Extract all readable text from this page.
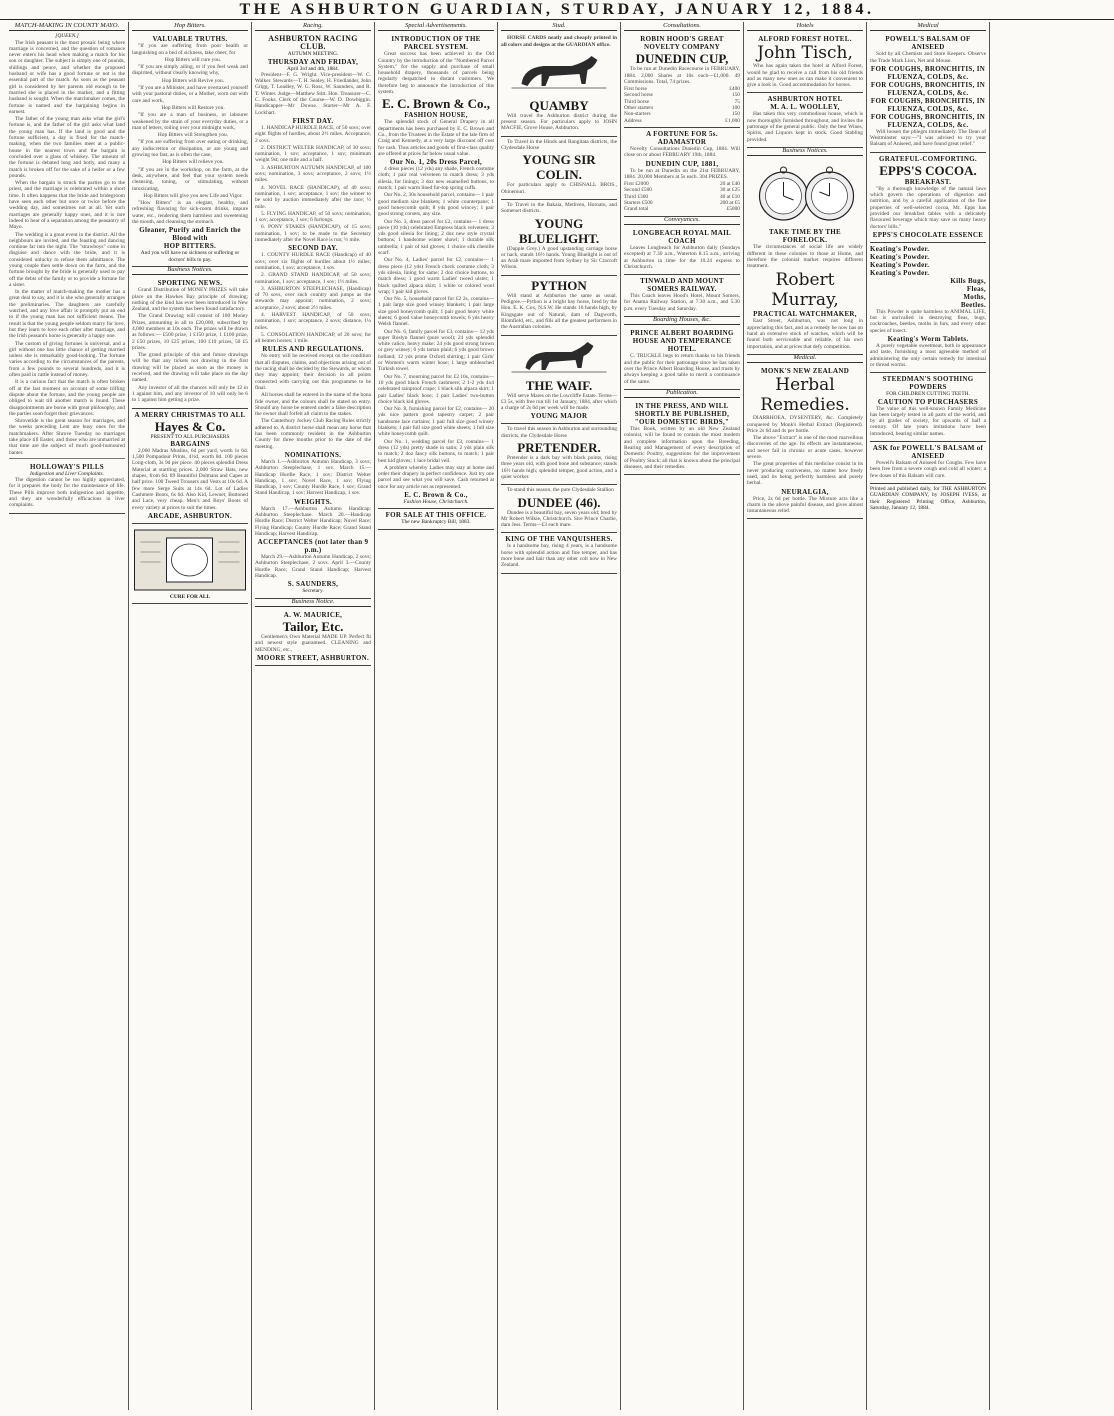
THE ASHBURTON GUARDIAN, STURDAY, JANUARY 12, 1884.
MATCH-MAKING IN COUNTY MAYO.
[QUEEN.]

The Irish peasant is the most prosaic being where marriage is concerned, and the question of romance never enters his head when making a match for his son or daughter. The subject is simply one of pounds, shillings and pence, and whether the proposed husband or wife has a good fortune or not is the essential part of the match. As soon as the peasant girl is considered by her parents old enough to be married she is placed in the market, and a fitting husband is sought. When the matchmaker comes, the fortune is named and the bargaining begins in earnest.

The father of the young man asks what the girl's fortune is, and the father of the girl asks what land the young man has. If the land is good and the fortune sufficient, a day is fixed for the match-making, when the two families meet at a public-house in the nearest town and the bargain is concluded over a glass of whiskey. The amount of the fortune is debated long and hotly, and many a match is broken off for the sake of a heifer or a few pounds.

When the bargain is struck the parties go to the priest, and the marriage is celebrated within a short time. It often happens that the bride and bridegroom have seen each other but once or twice before the wedding day, and sometimes not at all. Yet such marriages are generally happy ones, and it is rare indeed to hear of a separation among the peasantry of Mayo.

The wedding is a great event in the district. All the neighbours are invited, and the feasting and dancing continue far into the night. The "strawboys" come in disguise and dance with the bride, and it is considered unlucky to refuse them admittance. The young couple then settle down on the farm, and the fortune brought by the bride is generally used to pay off the debts of the family or to provide a fortune for a sister.

In the matter of match-making the mother has a great deal to say, and it is she who generally arranges the preliminaries. The daughters are carefully watched, and any love affair is promptly put an end to if the young man has not sufficient means. The result is that the young people seldom marry for love, but they learn to love each other after marriage, and the Irish peasant's home is generally a happy one.

The custom of giving fortunes is universal, and a girl without one has little chance of getting married unless she is remarkably good-looking. The fortune varies according to the circumstances of the parents, from a few pounds to several hundreds, and it is often paid in cattle instead of money.

It is a curious fact that the match is often broken off at the last moment on account of some trifling dispute about the fortune, and the young people are obliged to wait till another match is found. These disappointments are borne with great philosophy, and the parties soon forget their grievances.

Shrovetide is the great season for marriages, and the weeks preceding Lent are busy ones for the matchmakers. After Shrove Tuesday no marriages take place till Easter, and those who are unmarried at that time are the subject of much good-humoured banter.

HOLLOWAY'S PILLS
Indigestion and Liver Complaints.

The digestion cannot be too highly appreciated, for it prepares the body for the maintenance of life. These Pills improve both indigestion and appetite, and they are wonderfully efficacious in liver complaints.

Hop Bitters.
VALUABLE TRUTHS.

"If you are suffering from poor health or languishing on a bed of sickness, take cheer, for

Hop Bitters will cure you.

"If you are simply ailing, or if you feel weak and dispirited, without clearly knowing why,

Hop Bitters will Revive you.

"If you are a Minister, and have overtaxed yourself with your pastoral duties, or a Mother, worn out with care and work,

Hop Bitters will Restore you.

"If you are a man of business, or labourer weakened by the strain of your everyday duties, or a man of letters, toiling over your midnight work,

Hop Bitters will Strengthen you.

"If you are suffering from over eating or drinking, any indiscretion or dissipation, or are young and growing too fast, as is often the case,

Hop Bitters will relieve you.

"If you are in the workshop, on the farm, at the desk, anywhere, and feel that your system needs cleansing, toning, or stimulating, without intoxicating,

Hop Bitters will give you new Life and Vigor.

"How Bitters" is an elegant, healthy, and refreshing flavoring for sick-room drinks, impure water, etc., rendering them harmless and sweetening the mouth, and cleansing the stomach.

Gleaner, Purify and Enrich the Blood with
HOP BITTERS.
And you will have no sickness or suffering or doctors' bills to pay.
Business Notices.
SPORTING NEWS.

Grand Distribution of MONEY PRIZES will take place on the Hawkes Bay principle of drawing; nothing of the kind has ever been introduced in New Zealand, and the system has been found satisfactory.

The Grand Drawing will consist of 100 Money Prizes, amounting in all to £20,000, subscribed by 4,000 members at 10s each. The prizes will be drawn as follows:— £500 prize, 1 £150 prize, 1 £100 prize, 2 £50 prizes, 10 £25 prizes, 100 £10 prizes, 50 £5 prizes.

The grand principle of this and future drawings will be that any tickets not drawing in the first drawing will be placed as soon as the money is received, and the drawing will take place on the day named.

Any investor of all the chances will only be 12 in 1 against him, and any investor of 10 will only be 6 to 1 against him getting a prize.

A MERRY CHRISTMAS TO ALL
Hayes & Co.
PRESENT TO ALL PURCHASERS
BARGAINS

2,000 Madras Muslins, 6d per yard, worth 1s 6d. 1,500 Pompadour Prints, 4½d, worth 8d. 100 pieces Long-cloth, 3s 9d per piece. 40 pieces splendid Dress Material at startling prices. 2,000 Straw Hats, new shapes, from 6d. 89 Beautiful Dolmans and Capes at half price. 100 Tweed Trousers and Vests at 10s 6d. A few more Serge Suits at 14s 6d. Lot of Ladies Cashmere Boots, 6s 6d. Also Kid, Lewnet, Buttoned and Lace, very cheap. Men's and Boys' Boots of every variety at prices to suit the times.

ARCADE, ASHBURTON.
CURE FOR ALL
Racing.
ASHBURTON RACING CLUB.
AUTUMN MEETING.
THURSDAY AND FRIDAY,
April 3rd and 4th, 1884.

President—F. G. Wright. Vice-president—W. C. Walker. Stewards—T. H. Sealey, H. Friedlander, John Grigg, T. Leadley, W. G. Ross, W. Saunders, and R. T. Winter. Judge—Matthew Stitt. Hon. Treasurer—C. C. Fooks. Clerk of the Course—W. D. Dowbiggin. Handicapper—Mr Dowse. Starter—Mr A. F. Lockhart.

FIRST DAY.

1. HANDICAP HURDLE RACE, of 50 sovs; over eight flights of hurdles, about 2½ miles. Acceptance, 2 sovs.

2. DISTRICT WELTER HANDICAP, of 30 sovs; nomination, 1 sov; acceptance, 1 sov; minimum weight 9st; one mile and a half.

3. ASHBURTON AUTUMN HANDICAP, of 100 sovs; nomination, 3 sovs; acceptance, 2 sovs; 1½ miles.

4. NOVEL RACE (HANDICAP), of 40 sovs; nomination, 1 sov; acceptance, 1 sov; the winner to be sold by auction immediately after the race; ½ mile.

5. FLYING HANDICAP, of 50 sovs; nomination, 1 sov; acceptance, 1 sov; 6 furlongs.

6. PONY STAKES (HANDICAP), of 15 sovs; nomination, 1 sov; to be made to the Secretary immediately after the Novel Race is run; ½ mile.

SECOND DAY.

1. COUNTY HURDLE RACE (Handicap) of 40 sovs; over six flights of hurdles about 1½ miles; nomination, 1 sov; acceptance, 1 sov.

2. GRAND STAND HANDICAP, of 50 sovs; nomination, 1 sov; acceptance, 1 sov; 1½ miles.

3. ASHBURTON STEEPLECHASE, (Handicap) of 70 sovs, over such country and jumps as the stewards may appoint; nomination, 2 sovs; acceptance, 2 sovs; about 2½ miles.

4. HARVEST HANDICAP, of 50 sovs; nomination, 1 sov; acceptance, 2 sovs; distance, 1¼ miles.

5. CONSOLATION HANDICAP, of 20 sovs; for all beaten horses; 1 mile.

RULES AND REGULATIONS.

No entry will be received except on the condition that all disputes, claims, and objections arising out of the racing shall be decided by the Stewards, or whom they may appoint; their decision in all points connected with carrying out this programme to be final.

All horses shall be entered in the name of the bona fide owner, and the colours shall be stated on entry. Should any horse be entered under a false description the owner shall forfeit all claim to the stakes.

The Canterbury Jockey Club Racing Rules strictly adhered to. A district horse shall mean any horse that has been commonly resident in the Ashburton County for three months prior to the date of the meeting.

NOMINATIONS.

March 1.—Ashburton Autumn Handicap, 3 sovs; Ashburton Steeplechase, 1 sov. March 15.—Handicap Hurdle Race, 1 sov; District Welter Handicap, 1 sov; Novel Race, 1 sov; Flying Handicap, 1 sov; County Hurdle Race, 1 sov; Grand Stand Handicap, 1 sov; Harvest Handicap, 1 sov.

WEIGHTS.

March 17.—Ashburton Autumn Handicap; Ashburton Steeplechase. March 20.—Handicap Hurdle Race; District Welter Handicap; Novel Race; Flying Handicap; County Hurdle Race; Grand Stand Handicap; Harvest Handicap.

ACCEPTANCES (not later than 9 p.m.)

March 29.—Ashburton Autumn Handicap, 2 sovs; Ashburton Steeplechase, 2 sovs. April 3.—County Hurdle Race; Grand Stand Handicap; Harvest Handicap.

S. SAUNDERS,
Secretary.
Business Notice.
A. W. MAURICE,
Tailor, Etc.

Gentlemen's Own Material MADE UP. Perfect fit and newest style guaranteed. CLEANING and MENDING, etc.,

MOORE STREET, ASHBURTON.
Special Advertisements.
INTRODUCTION OF THE PARCEL SYSTEM.

Great success has been achieved in the Old Country by the introduction of the "Numbered Parcel System," for the supply and purchase of small household drapery, thousands of parcels being regularly despatched to distant customers. We therefore beg to announce the introduction of this system.

E. C. Brown & Co.,
FASHION HOUSE,

The splendid stock of General Drapery in all departments has been purchased by E. C. Brown and Co., from the Trustees in the Estate of the late firm of Craig and Kennedy, at a very large discount off cost for cash. Thus articles and goods of first-class quality are offered at prices far below usual value.

Our No. 1, 20s Dress Parcel,

4 dress pieces (12 yds) any shade, French costume cloth; 1 pair real velveteen to match dress; 3 yds silesia, for linings; 3 doz new enamelled buttons, to match; 1 pair warm lined fur-top spring cuffs.

Our No. 2, 30s household parcel, contains— 1 pair good medium size blankets; 1 white counterpane; 1 good honeycomb quilt; 8 yds good wincey; 1 pair good strong corsets, any size.

Our No. 3, dress parcel for £2, contains— 1 dress piece (10 yds) celebrated Empress black velveteen; 3 yds good silesia for lining; 2 doz new style crystal buttons; 1 handsome winter shawl; 1 durable silk umbrella; 1 pair of kid gloves; 1 choice silk chenille scarf.

Our No. 4, Ladies' parcel for £2, contains— 1 dress piece (12 yds) French check costume cloth; 3 yds silesia, lining for same; 2 doz choice buttons, to match dress; 1 good warm Ladies' tweed ulster; 1 black quilted alpaca skirt; 1 white or colored wool wrap; 1 pair kid gloves.

Our No. 5, household parcel for £2 2s, contains— 1 pair large size good winsey blankets; 1 pair large size good honeycomb quilt; 1 pair good heavy white sheets; 6 good value honeycomb towels; 6 yds heavy Welsh flannel.

Our No. 6, family parcel for £3, contains— 12 yds super Roslyn flannel (pure wool); 24 yds splendid white calico, heavy make; 24 yds good strong brown or grey winsey; 6 yds tartan plaid; 6 yds good brown holland; 12 yds prime Oxford shirting; 1 pair Girls' or Women's warm winter hose; 1 large unbleached Turkish towel.

Our No. 7, mourning parcel for £2 10s, contains— 10 yds good black French cashmere; 2 1-2 yds 4x4 celebrated rainproof crape; 1 black silk alpaca skirt; 1 pair Ladies' black hose; 1 pair Ladies' two-button choice black kid gloves.

Our No. 8, furnishing parcel for £2, contains— 20 yds nice pattern good tapestry carpet; 2 pair handsome lace curtains; 1 pair full size good winsey blankets; 1 pair full size good white sheets; 1 full size white honeycomb quilt.

Our No. 1, wedding parcel for £3, contains— 1 dress (12 yds) pretty shade in satin; 2 yds plain silk to match; 2 doz fancy silk buttons, to match; 1 pair best kid gloves; 1 lace bridal veil.

A problem whereby Ladies may stay at home and order their drapery in perfect confidence. Just try one parcel and see what you will save. Cash returned at once for any article not as represented.

E. C. Brown & Co.,
Fashion House, Christchurch.
FOR SALE AT THIS OFFICE.
The new Bankruptcy Bill, 1883.
Stud.

HORSE CARDS neatly and cheaply printed in all colors and designs at the GUARDIAN office.

QUAMBY

Will travel the Ashburton district during the present season. For particulars apply to JOHN MACFIE, Grove House, Ashburton.

To Travel in the Hinds and Rangitata districts, the Clydesdale Horse

YOUNG SIR COLIN.

For particulars apply to CHISNALL BROS., Ohinemuri.

To Travel in the Bakaia, Methven, Horoatu, and Somerset districts.

YOUNG BLUELIGHT.

(Dapple Grey.) A good upstanding carriage horse or hack, stands 16½ hands. Young Bluelight is out of an Arab mare imported from Sydney by Sir Cracroft Wilson.

PYTHON

Will stand at Ashburton the same as usual. Pedigree.—Python is a bright bay horse, bred by the Hon. E. K. Cox, N.S.W. He stands 16 hands high, by Kingsgate out of Natural, dam of Dagworth, Blomfield, etc., and fills all the greatest performers in the Australian colonies.

THE WAIF.

Will serve Mares on the Lowcliffe Estate. Terms—£3 5s, with free run till 1st January, 1884, after which a charge of 2s 6d per week will be made.

YOUNG MAJOR

To travel this season in Ashburton and surrounding districts, the Clydesdale Horse

PRETENDER.

Pretender is a dark bay with black points, rising three years old, with good bone and substance; stands 16½ hands high; splendid temper, good action, and a quiet worker.

To stand this season, the pure Clydesdale Stallion

DUNDEE (46).

Dundee is a beautiful bay, seven years old; bred by Mr Robert Wilkie, Christchurch. Sire Prince Charlie, dam Jess. Terms—£3 each mare.

KING OF THE VANQUISHERS.

Is a handsome bay, rising 4 years, is a handsome horse with splendid action and fine temper, and has more bone and hair than any other colt now in New Zealand.

Consultations.
ROBIN HOOD'S GREAT NOVELTY COMPANY
DUNEDIN CUP,

To be run at Dunedin Racecourse in FEBRUARY, 1884. 2,000 Shares at 10s each—£1,000. 49 Commissions. Total, 74 prizes.

First horse	£400
Second horse	150
Third horse	75
Other starters	100
Non-starters	150
Address	£1,000
A FORTUNE FOR 5s.
ADAMASTOR

Novelty Consultations Dunedin Cup, 1884. Will close on or about FEBRUARY 19th, 1884.

DUNEDIN CUP, 1881,

To be run at Dunedin on the 21st FEBRUARY, 1884. 20,000 Members at 5s each. 304 PRIZES.

First £2000	20 at £40
Second £500	30 at £25
Third £300	40 at £10
Starters £500	200 at £5
Grand total	£5000
Conveyances.
LONGBEACH ROYAL MAIL COACH

Leaves Longbeach for Ashburton daily (Sundays excepted) at 7.30 a.m., Waterton 8.15 a.m., arriving at Ashburton in time for the 10.24 express to Christchurch.

TINWALD AND MOUNT SOMERS RAILWAY.

This Coach leaves Hood's Hotel, Mount Somers, for Anama Railway Station, at 7.30 a.m., and 5.30 p.m. every Tuesday and Saturday.

Boarding Houses, &c.
PRINCE ALBERT BOARDING HOUSE AND TEMPERANCE HOTEL.

C. TRUCKLE begs to return thanks to his friends and the public for their patronage since he has taken over the Prince Albert Boarding House, and trusts by always keeping a good table to merit a continuance of the same.

Publication.
IN THE PRESS, AND WILL SHORTLY BE PUBLISHED, "OUR DOMESTIC BIRDS,"

This Book, written by an old New Zealand colonist, will be found to contain the most modern and complete information upon the Breeding, Rearing and Management of every description of Domestic Poultry, suggestions for the improvement of Poultry Stock; all that is known about the principal diseases, and their remedies.

Hotels
ALFORD FOREST HOTEL.
John Tisch,

Who has again taken the hotel at Alford Forest, would be glad to receive a call from his old friends and as many new ones as can make it convenient to give a look in. Good accommodation for horses.

ASHBURTON HOTEL
M. A. L. WOOLLEY,

Has taken this very commodious house, which is now thoroughly furnished throughout, and invites the patronage of the general public. Only the best Wines, Spirits, and Liquors kept in stock. Good Stabling provided.

Business Notices.
TAKE TIME BY THE FORELOCK.

The circumstances of social life are widely different in these colonies to those at Home, and therefore the colonial market requires different treatment.

Robert Murray,
PRACTICAL WATCHMAKER,

East Street, Ashburton, was not long in appreciating this fact, and as a remedy he now has on hand an extensive stock of watches, which will be found both serviceable and reliable, of his own importation, and at prices that defy competition.

Medical.
MONK'S NEW ZEALAND
Herbal Remedies.

DIARRHOEA, DYSENTERY, &c. Completely conquered by Monk's Herbal Extract (Registered). Price 2s 6d and 4s per bottle.

The above "Extract" is one of the most marvellous discoveries of the age. Its effects are instantaneous, and never fail in chronic or acute cases, however severe.

The great properties of this medicine consist in its never producing costiveness, no matter how freely used, and its being perfectly harmless and purely herbal.

NEURALGIA,

Price, 2s 6d per bottle. The Mixture acts like a charm in the above painful disease, and gives almost instantaneous relief.

Medical
POWELL'S BALSAM OF ANISEED

Sold by all Chemists and Store Keepers. Observe the Trade Mark Lion, Net and Mouse.

FOR COUGHS, BRONCHITIS, IN FLUENZA, COLDS, &c.
FOR COUGHS, BRONCHITIS, IN FLUENZA, COLDS, &c.
FOR COUGHS, BRONCHITIS, IN FLUENZA, COLDS, &c.
FOR COUGHS, BRONCHITIS, IN FLUENZA, COLDS, &c.

Will loosen the phlegm immediately. The Dean of Westminster says:—"I was advised to try your Balsam of Aniseed, and have found great relief."

GRATEFUL-COMFORTING.
EPPS'S COCOA.
BREAKFAST.

"By a thorough knowledge of the natural laws which govern the operations of digestion and nutrition, and by a careful application of the fine properties of well-selected cocoa, Mr. Epps has provided our breakfast tables with a delicately flavoured beverage which may save us many heavy doctors' bills."

EPPS'S CHOCOLATE ESSENCE
Keating's Powder.
Keating's Powder.
Keating's Powder.
Keating's Powder.
Kills Bugs,
Fleas,
Moths,
Beetles.

This Powder is quite harmless to ANIMAL LIFE, but is unrivalled in destroying fleas, bugs, cockroaches, beetles, moths in furs, and every other species of insect.

Keating's Worm Tablets.

A purely vegetable sweetmeat, both in appearance and taste, furnishing a most agreeable method of administering the only certain remedy for intestinal or thread worms.

STEEDMAN'S SOOTHING POWDERS
FOR CHILDREN CUTTING TEETH.
CAUTION TO PURCHASERS

The value of this well-known Family Medicine has been largely tested in all parts of the world, and by all grades of society, for upwards of half a century. Of late years imitations have been introduced, bearing similar names.

ASK for POWELL'S BALSAM of ANISEED

Powell's Balsam of Aniseed for Coughs. Few have been free from a severe cough and cold all winter; a few doses of this Balsam will cure.

Printed and published daily, for THE ASHBURTON GUARDIAN COMPANY, by JOSEPH IVESS, at their Registered Printing Office, Ashburton, Saturday, January 12, 1884.
